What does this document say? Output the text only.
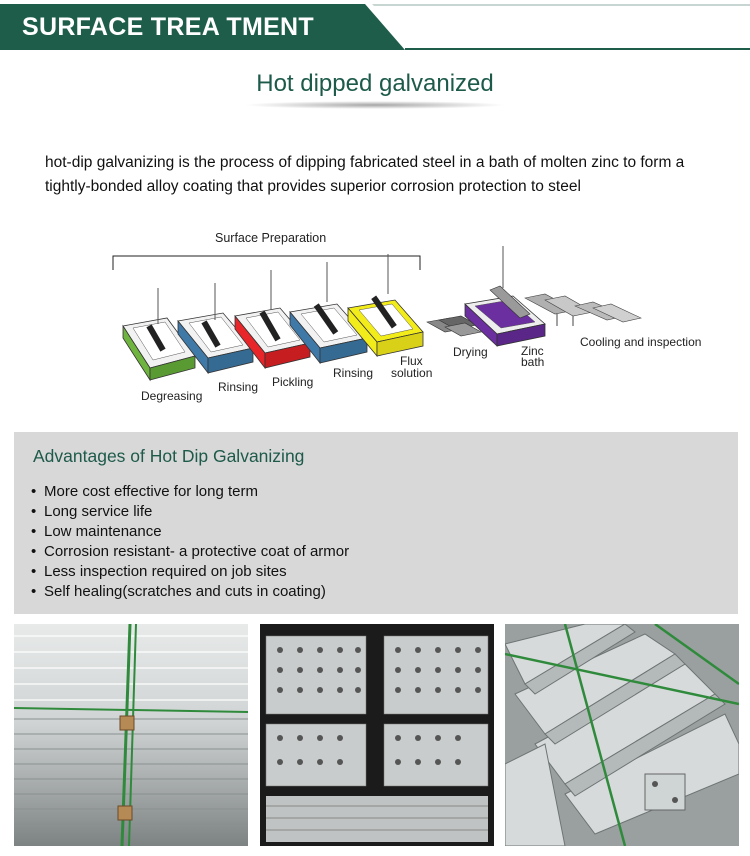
SURFACE TREA TMENT
Hot dipped galvanized
hot-dip galvanizing is the process of dipping fabricated steel in a bath of molten zinc to form a tightly-bonded alloy coating that provides superior corrosion protection to steel
Surface Preparation
Degreasing
Rinsing Pickling
Rinsing
Flux
solution
Drying	Zinc
bath
Cooling and inspection
Advantages of Hot Dip Galvanizing
• More cost effective for long term
• Long service life
• Low maintenance
• Corrosion resistant- a protective coat of armor
• Less inspection required on job sites
• Self healing(scratches and cuts in coating)
